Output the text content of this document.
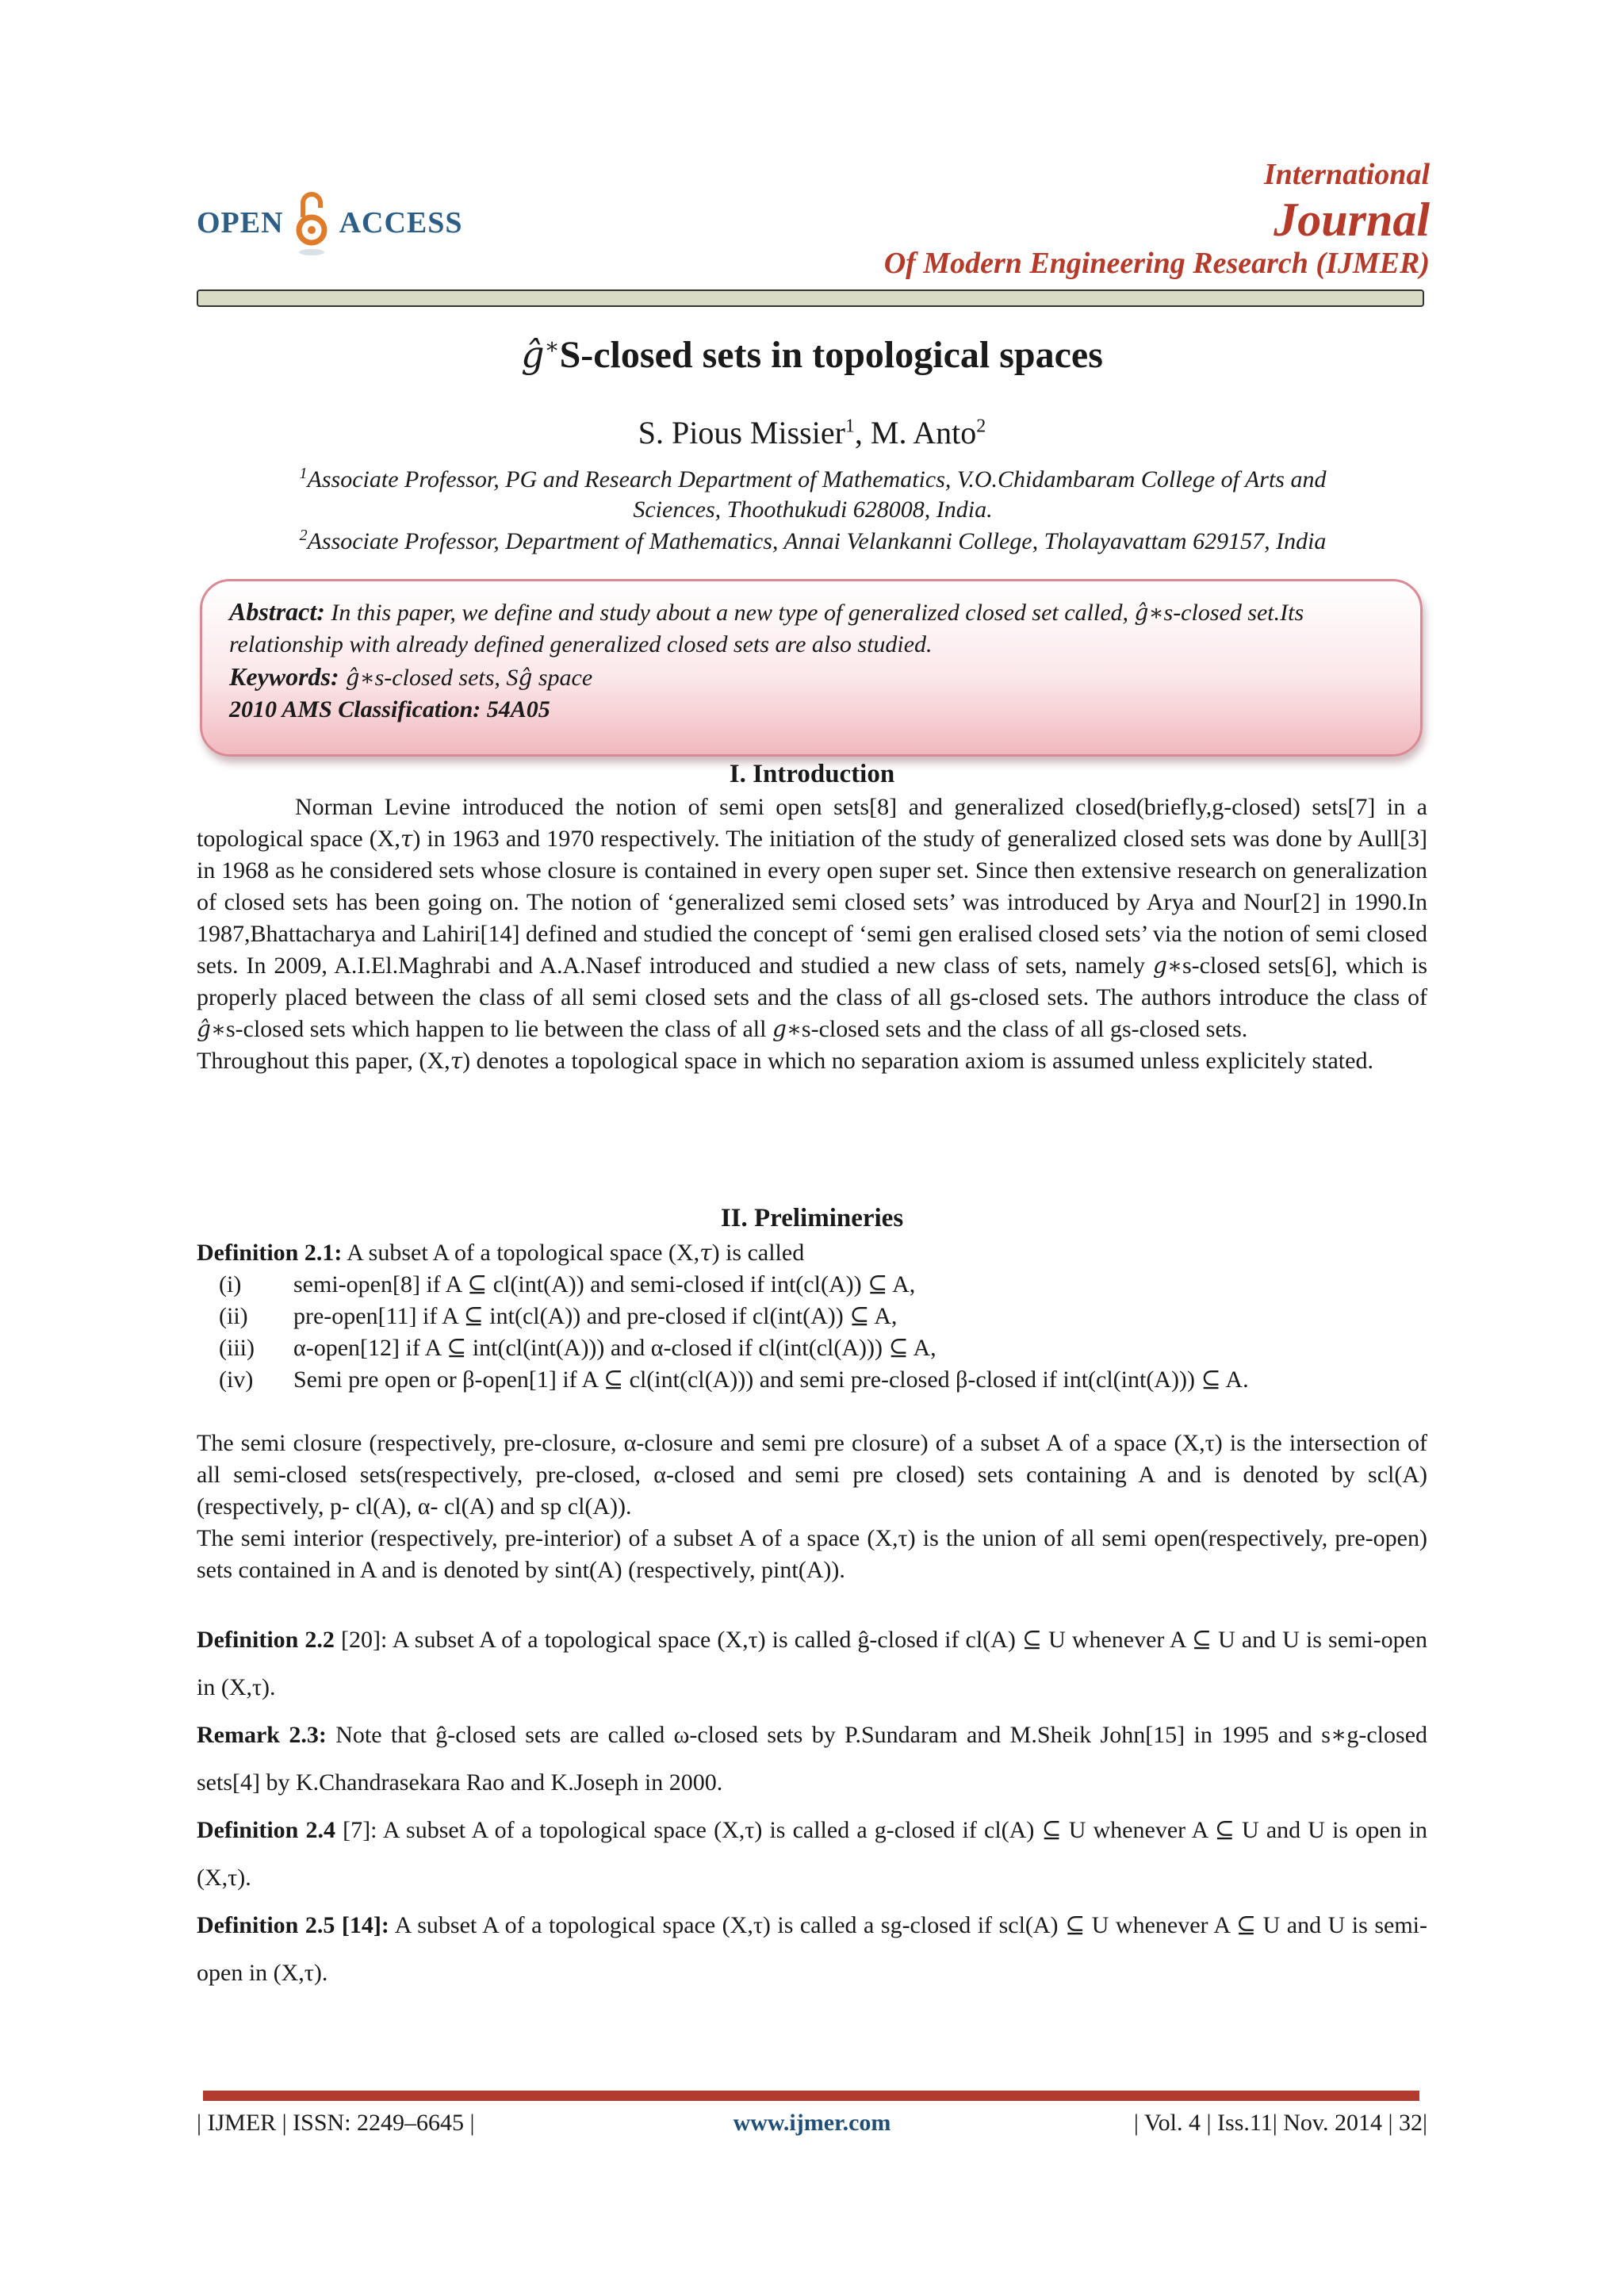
OPEN ACCESS
International
Journal
Of Modern Engineering Research (IJMER)
ĝ∗S-closed sets in topological spaces
S. Pious Missier$^1$, M. Anto$^2$
$^1$Associate Professor, PG and Research Department of Mathematics, V.O.Chidambaram College of Arts and
Sciences, Thoothukudi 628008, India.
$^2$Associate Professor, Department of Mathematics, Annai Velankanni College, Tholayavattam 629157, India
Abstract: In this paper, we define and study about a new type of generalized closed set called, ĝ∗s-closed set.Its relationship with already defined generalized closed sets are also studied.
Keywords: ĝ∗s-closed sets, Sĝ space
2010 AMS Classification: 54A05
I. Introduction

Norman Levine introduced the notion of semi open sets[8] and generalized closed(briefly,g-closed) sets[7] in a topological space (X,τ) in 1963 and 1970 respectively. The initiation of the study of generalized closed sets was done by Aull[3] in 1968 as he considered sets whose closure is contained in every open super set. Since then extensive research on generalization of closed sets has been going on. The notion of ‘generalized semi closed sets’ was introduced by Arya and Nour[2] in 1990.In 1987,Bhattacharya and Lahiri[14] defined and studied the concept of ‘semi gen eralised closed sets’ via the notion of semi closed sets. In 2009, A.I.El.Maghrabi and A.A.Nasef introduced and studied a new class of sets, namely g∗s-closed sets[6], which is properly placed between the class of all semi closed sets and the class of all gs-closed sets. The authors introduce the class of ĝ∗s-closed sets which happen to lie between the class of all g∗s-closed sets and the class of all gs-closed sets.

Throughout this paper, (X,τ) denotes a topological space in which no separation axiom is assumed unless explicitely stated.

II. Prelimineries

Definition 2.1: A subset A of a topological space (X,τ) is called

(i)	semi-open[8] if A ⊆ cl(int(A)) and semi-closed if int(cl(A)) ⊆ A,
(ii)	pre-open[11] if A ⊆ int(cl(A)) and pre-closed if cl(int(A)) ⊆ A,
(iii)	α-open[12] if A ⊆ int(cl(int(A))) and α-closed if cl(int(cl(A))) ⊆ A,
(iv)	Semi pre open or β-open[1] if A ⊆ cl(int(cl(A))) and semi pre-closed β-closed if int(cl(int(A))) ⊆ A.

The semi closure (respectively, pre-closure, α-closure and semi pre closure) of a subset A of a space (X,τ) is the intersection of all semi-closed sets(respectively, pre-closed, α-closed and semi pre closed) sets containing A and is denoted by scl(A) (respectively, p- cl(A), α- cl(A) and sp cl(A)).

The semi interior (respectively, pre-interior) of a subset A of a space (X,τ) is the union of all semi open(respectively, pre-open) sets contained in A and is denoted by sint(A) (respectively, pint(A)).

Definition 2.2 [20]: A subset A of a topological space (X,τ) is called ĝ-closed if cl(A) ⊆ U whenever A ⊆ U and U is semi-open in (X,τ).

Remark 2.3: Note that ĝ-closed sets are called ω-closed sets by P.Sundaram and M.Sheik John[15] in 1995 and s∗g-closed sets[4] by K.Chandrasekara Rao and K.Joseph in 2000.

Definition 2.4 [7]: A subset A of a topological space (X,τ) is called a g-closed if cl(A) ⊆ U whenever A ⊆ U and U is open in (X,τ).

Definition 2.5 [14]: A subset A of a topological space (X,τ) is called a sg-closed if scl(A) ⊆ U whenever A ⊆ U and U is semi-open in (X,τ).

| IJMER | ISSN: 2249–6645 |	www.ijmer.com	| Vol. 4 | Iss.11| Nov. 2014 | 32|
